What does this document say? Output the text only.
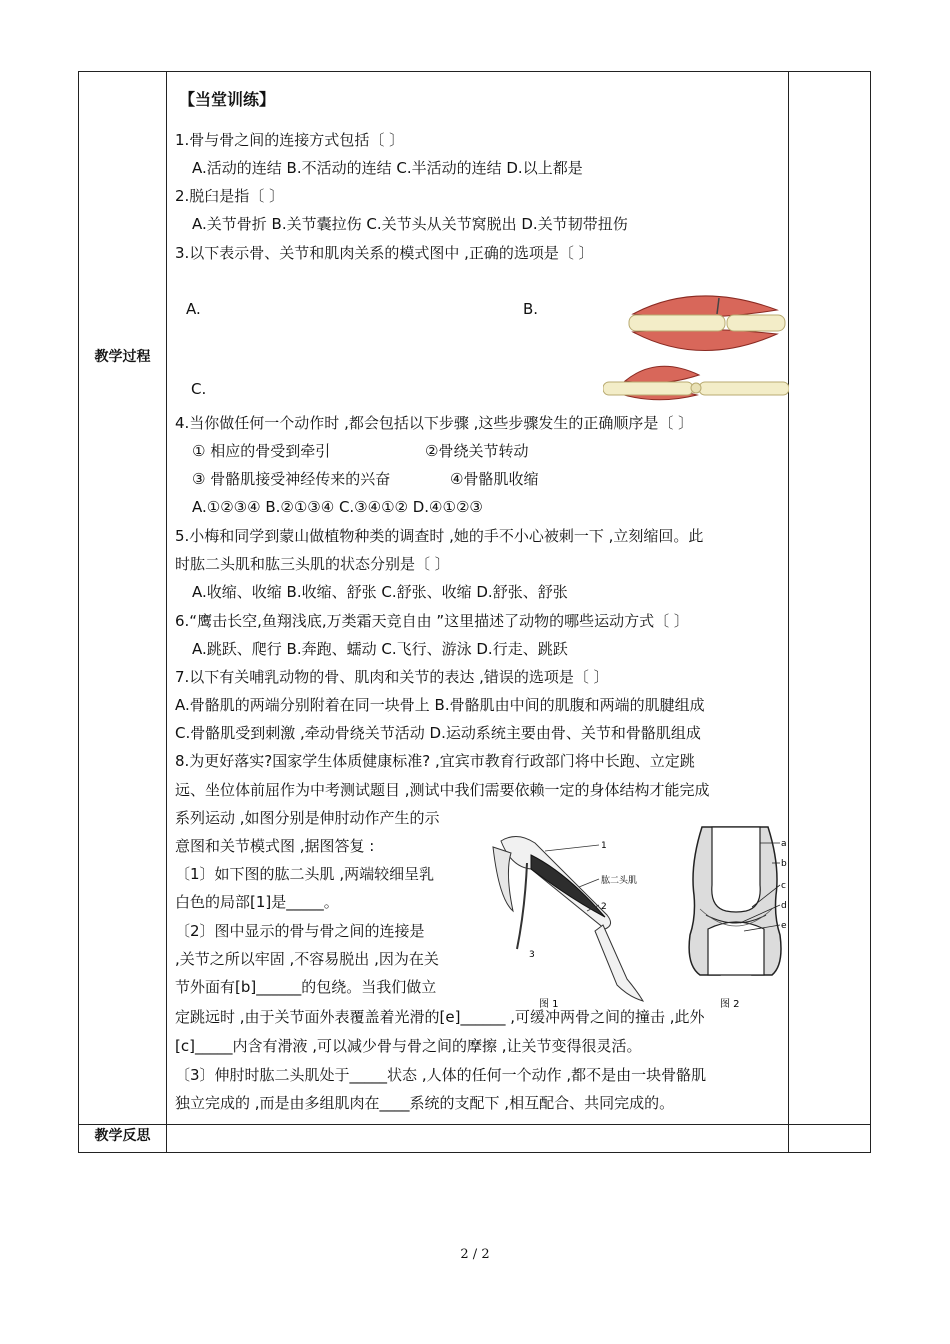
教学过程
教学反思
【当堂训练】
1.骨与骨之间的连接方式包括〔 〕
A.活动的连结 B.不活动的连结 C.半活动的连结 D.以上都是
2.脱臼是指〔 〕
A.关节骨折 B.关节囊拉伤 C.关节头从关节窝脱出 D.关节韧带扭伤
3.以下表示骨、关节和肌肉关系的模式图中 ,正确的选项是〔 〕
A.	B.
C.
4.当你做任何一个动作时 ,都会包括以下步骤 ,这些步骤发生的正确顺序是〔 〕
① 相应的骨受到牵引	②骨绕关节转动
③ 骨骼肌接受神经传来的兴奋	④骨骼肌收缩
A.①②③④ B.②①③④ C.③④①② D.④①②③
5.小梅和同学到蒙山做植物种类的调查时 ,她的手不小心被刺一下 ,立刻缩回。此
时肱二头肌和肱三头肌的状态分别是〔 〕
A.收缩、收缩 B.收缩、舒张 C.舒张、收缩 D.舒张、舒张
6.“鹰击长空,鱼翔浅底,万类霜天竞自由 ”这里描述了动物的哪些运动方式〔 〕
A.跳跃、爬行 B.奔跑、蠕动 C.飞行、游泳 D.行走、跳跃
7.以下有关哺乳动物的骨、肌肉和关节的表达 ,错误的选项是〔 〕
A.骨骼肌的两端分别附着在同一块骨上 B.骨骼肌由中间的肌腹和两端的肌腱组成
C.骨骼肌受到刺激 ,牵动骨绕关节活动 D.运动系统主要由骨、关节和骨骼肌组成
8.为更好落实?国家学生体质健康标准? ,宜宾市教育行政部门将中长跑、立定跳
远、坐位体前屈作为中考测试题目 ,测试中我们需要依赖一定的身体结构才能完成
系列运动 ,如图分别是伸肘动作产生的示
意图和关节模式图 ,据图答复 :
〔1〕如下图的肱二头肌 ,两端较细呈乳
白色的局部[1]是_____。
〔2〕图中显示的骨与骨之间的连接是
,关节之所以牢固 ,不容易脱出 ,因为在关
节外面有[b]______的包绕。当我们做立
定跳远时 ,由于关节面外表覆盖着光滑的[e]______ ,可缓冲两骨之间的撞击 ,此外
[c]_____内含有滑液 ,可以减少骨与骨之间的摩擦 ,让关节变得很灵活。
〔3〕伸肘时肱二头肌处于_____状态 ,人体的任何一个动作 ,都不是由一块骨骼肌
独立完成的 ,而是由多组肌肉在____系统的支配下 ,相互配合、共同完成的。
1
肱二头肌
2
3
图 1
a
b
c
d
e
图 2
2 / 2
